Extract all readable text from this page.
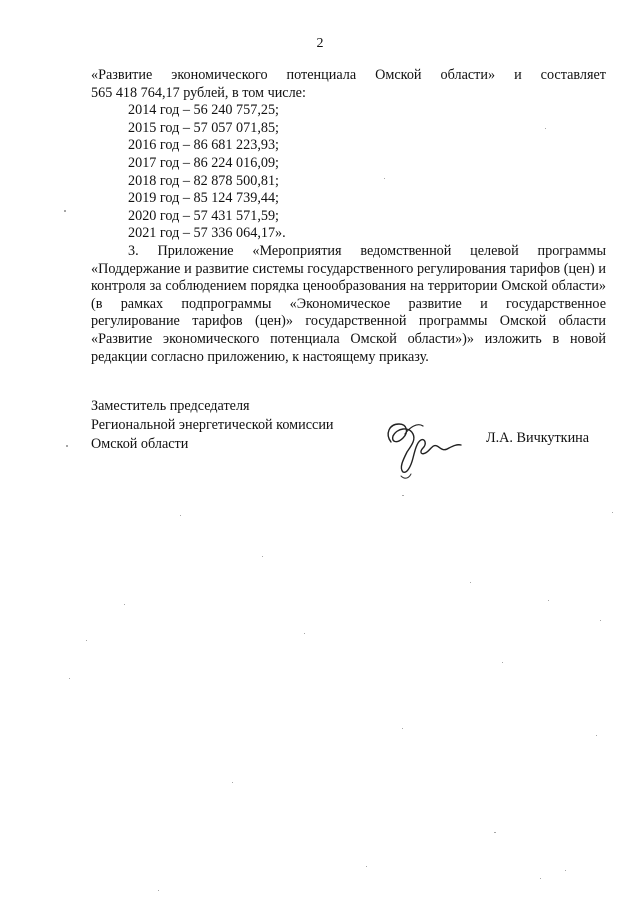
2

«Развитие экономического потенциала Омской области» и составляет
565 418 764,17 рублей, в том числе:

2014 год – 56 240 757,25;
2015 год – 57 057 071,85;
2016 год – 86 681 223,93;
2017 год – 86 224 016,09;
2018 год – 82 878 500,81;
2019 год – 85 124 739,44;
2020 год – 57 431 571,59;
2021 год – 57 336 064,17».

3. Приложение «Мероприятия ведомственной целевой программы «Поддержание и развитие системы государственного регулирования тарифов (цен) и контроля за соблюдением порядка ценообразования на территории Омской области» (в рамках подпрограммы «Экономическое развитие и государственное регулирование тарифов (цен)» государственной программы Омской области «Развитие экономического потенциала Омской области»)» изложить в новой редакции согласно приложению, к настоящему приказу.

Заместитель председателя
Региональной энергетической комиссии
Омской области	Л.А. Вичкуткина
